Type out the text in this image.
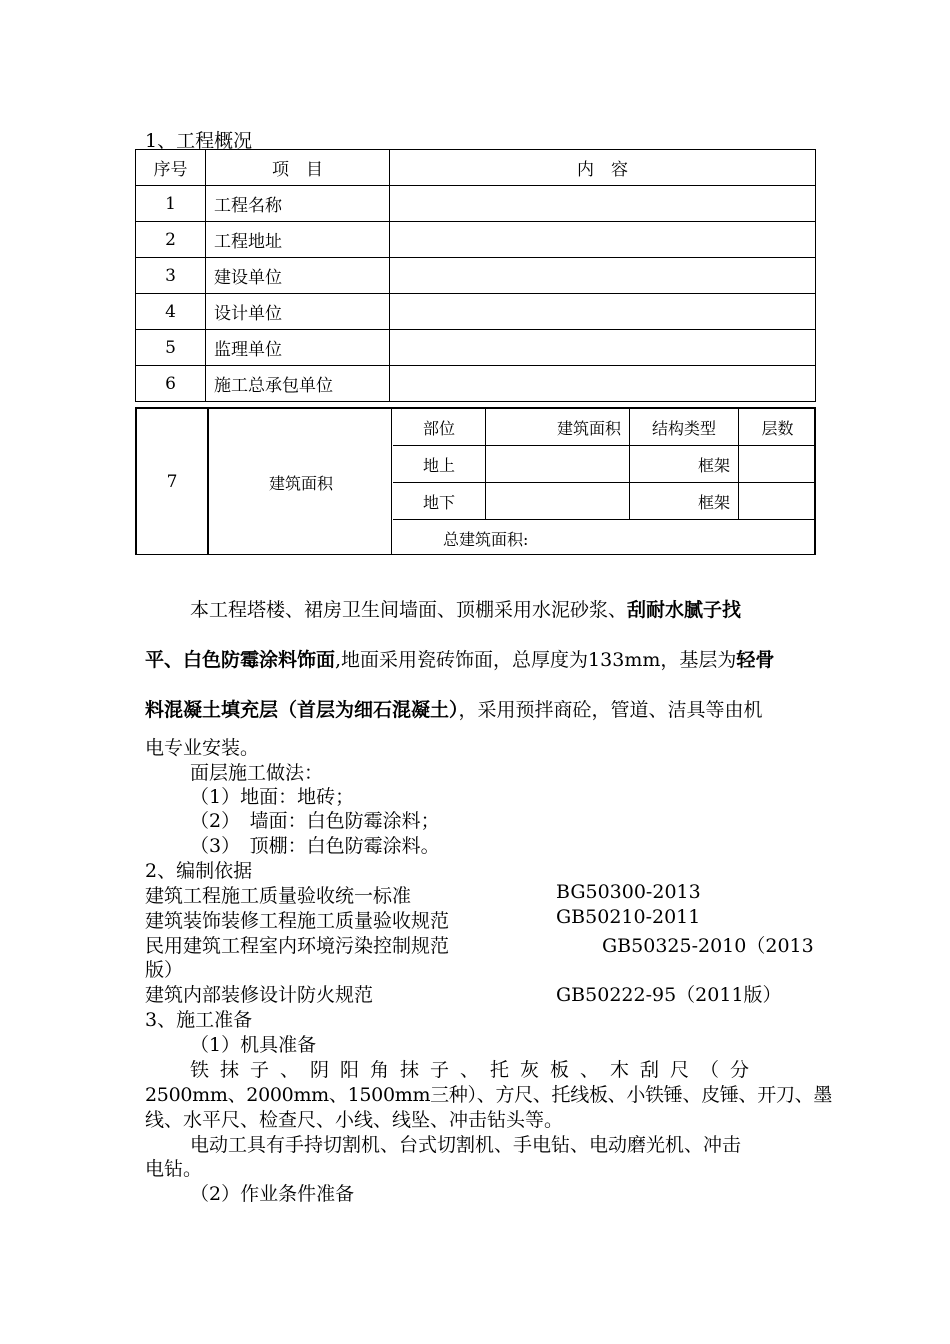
1、工程概况
序号	项　目	内　容
1	工程名称	
2	工程地址	
3	建设单位	
4	设计单位	
5	监理单位	
6	施工总承包单位	
7	建筑面积
部位	建筑面积	结构类型	层数
地上		框架	
地下		框架	
总建筑面积:			
本工程塔楼、裙房卫生间墙面、顶棚采用水泥砂浆、刮耐水腻子找
平、白色防霉涂料饰面,地面采用瓷砖饰面，总厚度为133mm，基层为轻骨
料混凝土填充层（首层为细石混凝土），采用预拌商砼，管道、洁具等由机
电专业安装。
面层施工做法：
（1）地面：地砖；
（2）　墙面：白色防霉涂料；
（3）　顶棚：白色防霉涂料。
2、编制依据
建筑工程施工质量验收统一标准	BG50300-2013
建筑装饰装修工程施工质量验收规范	GB50210-2011
民用建筑工程室内环境污染控制规范	GB50325-2010（2013
版）
建筑内部装修设计防火规范	GB50222-95（2011版）
3、施工准备
（1）机具准备
铁抹子、阴阳角抹子、托灰板、木刮尺（分
2500mm、2000mm、1500mm三种）、方尺、托线板、小铁锤、皮锤、开刀、墨
线、水平尺、检查尺、小线、线坠、冲击钻头等。
电动工具有手持切割机、台式切割机、手电钻、电动磨光机、冲击
电钻。
（2）作业条件准备
